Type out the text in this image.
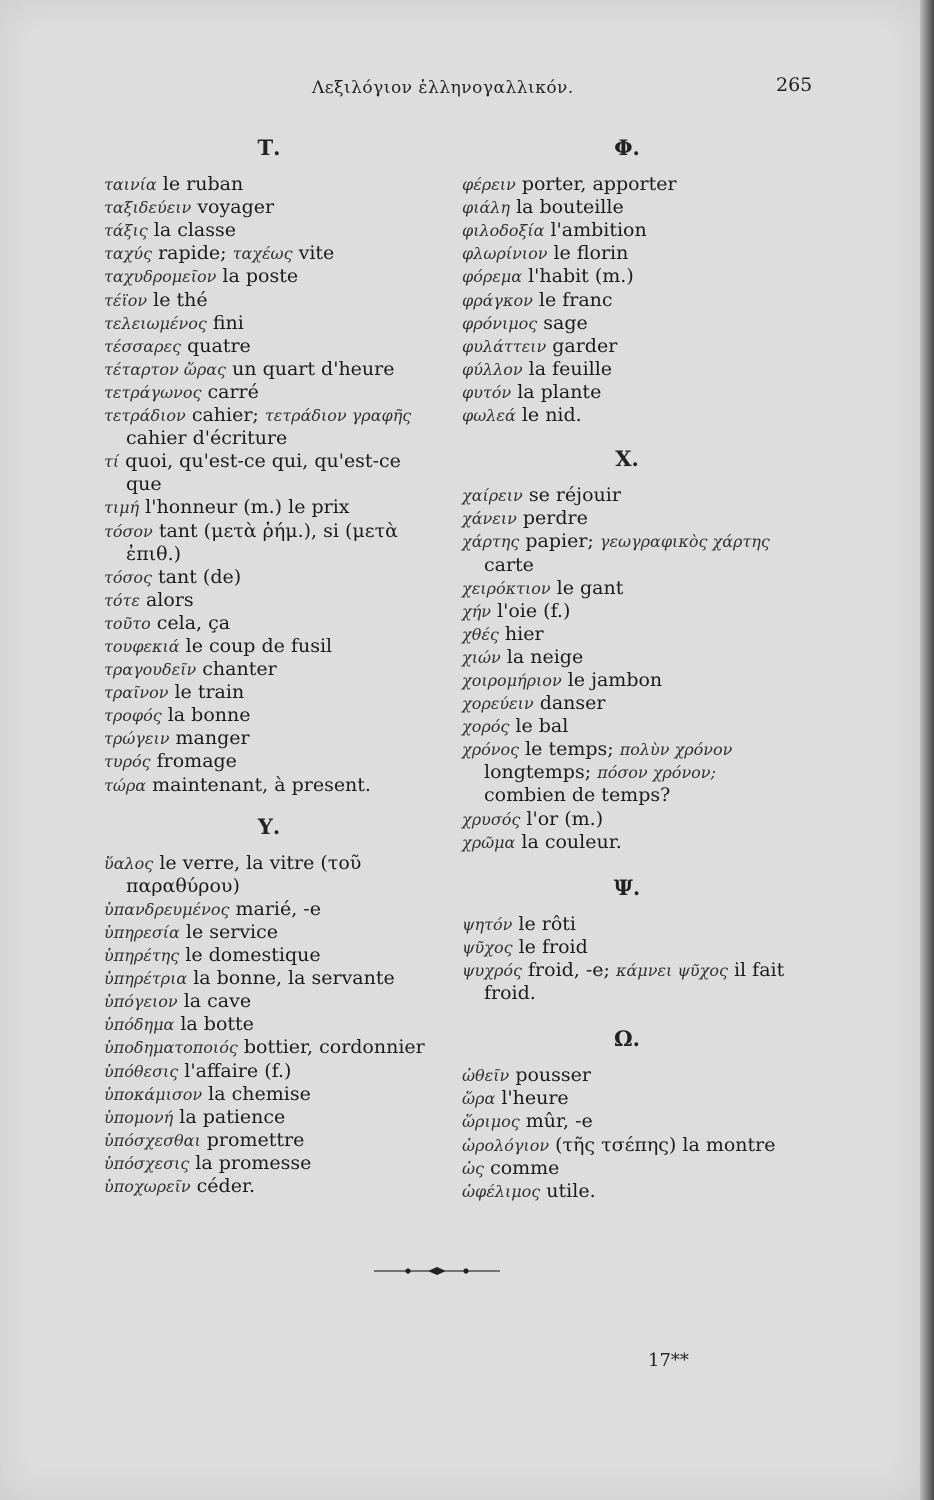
Λεξιλόγιον ἑλληνογαλλικόν.	265
Τ.
ταινία le ruban
ταξιδεύειν voyager
τάξις la classe
ταχύς rapide; ταχέως vite
ταχυδρομεῖον la poste
τέϊον le thé
τελειωμένος fini
τέσσαρες quatre
τέταρτον ὥρας un quart d'heure
τετράγωνος carré
τετράδιον cahier; τετράδιον γραφῆς cahier d'écriture
τί quoi, qu'est-ce qui, qu'est-ce que
τιμή l'honneur (m.) le prix
τόσον tant (μετὰ ῥήμ.), si (μετὰ ἐπιθ.)
τόσος tant (de)
τότε alors
τοῦτο cela, ça
τουφεκιά le coup de fusil
τραγουδεῖν chanter
τραῖνον le train
τροφός la bonne
τρώγειν manger
τυρός fromage
τώρα maintenant, à present.
Υ.
ὕαλος le verre, la vitre (τοῦ παραθύρου)
ὑπανδρευμένος marié, -e
ὑπηρεσία le service
ὑπηρέτης le domestique
ὑπηρέτρια la bonne, la servante
ὑπόγειον la cave
ὑπόδημα la botte
ὑποδηματοποιός bottier, cordonnier
ὑπόθεσις l'affaire (f.)
ὑποκάμισον la chemise
ὑπομονή la patience
ὑπόσχεσθαι promettre
ὑπόσχεσις la promesse
ὑποχωρεῖν céder.
Φ.
φέρειν porter, apporter
φιάλη la bouteille
φιλοδοξία l'ambition
φλωρίνιον le florin
φόρεμα l'habit (m.)
φράγκον le franc
φρόνιμος sage
φυλάττειν garder
φύλλον la feuille
φυτόν la plante
φωλεά le nid.
Χ.
χαίρειν se réjouir
χάνειν perdre
χάρτης papier; γεωγραφικὸς χάρτης carte
χειρόκτιον le gant
χήν l'oie (f.)
χθές hier
χιών la neige
χοιρομήριον le jambon
χορεύειν danser
χορός le bal
χρόνος le temps; πολὺν χρόνον longtemps; πόσον χρόνον; combien de temps?
χρυσός l'or (m.)
χρῶμα la couleur.
Ψ.
ψητόν le rôti
ψῦχος le froid
ψυχρός froid, -e; κάμνει ψῦχος il fait froid.
Ω.
ὠθεῖν pousser
ὥρα l'heure
ὥριμος mûr, -e
ὡρολόγιον (τῆς τσέπης) la montre
ὡς comme
ὠφέλιμος utile.
17**
